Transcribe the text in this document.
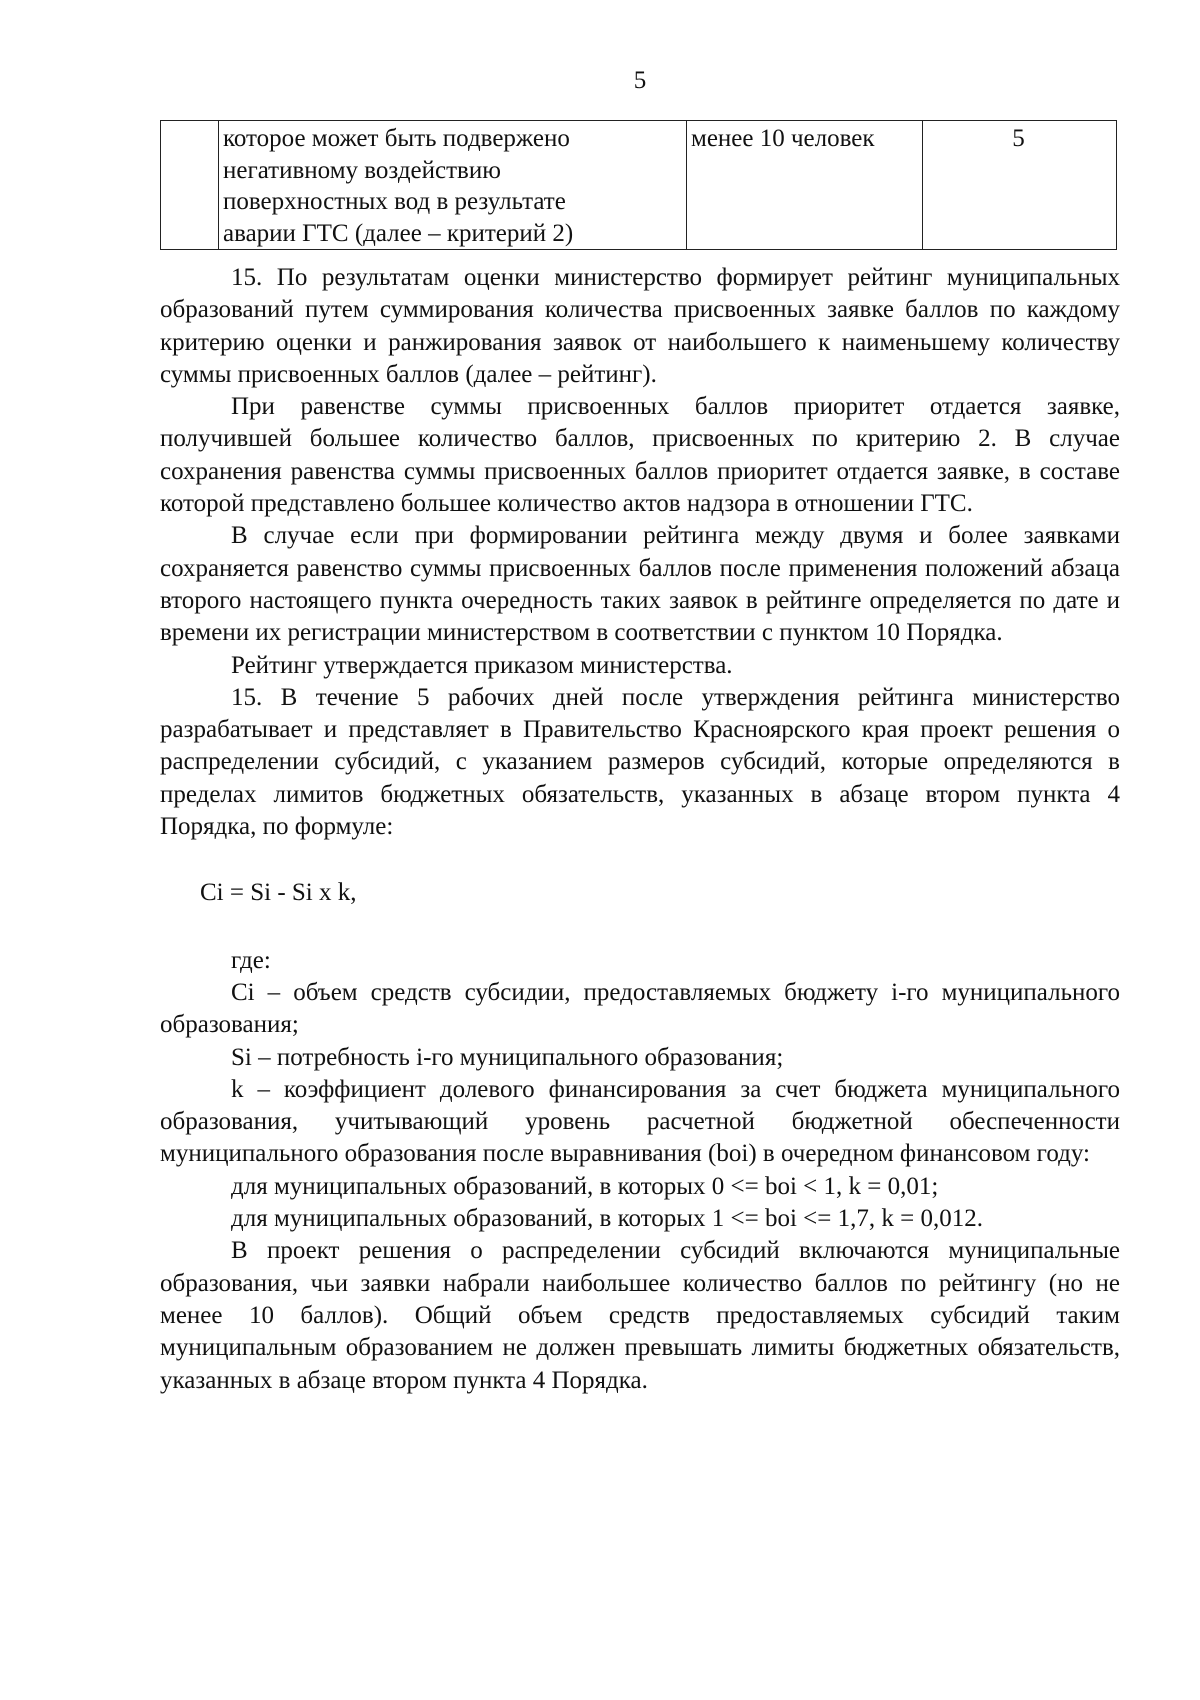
5

которое может быть подвержено
негативному воздействию
поверхностных вод в результате
аварии ГТС (далее – критерий 2)
	менее 10 человек	5

15. По результатам оценки министерство формирует рейтинг муниципальных образований путем суммирования количества присвоенных заявке баллов по каждому критерию оценки и ранжирования заявок от наибольшего к наименьшему количеству суммы присвоенных баллов (далее – рейтинг).

При равенстве суммы присвоенных баллов приоритет отдается заявке, получившей большее количество баллов, присвоенных по критерию 2. В случае сохранения равенства суммы присвоенных баллов приоритет отдается заявке, в составе которой представлено большее количество актов надзора в отношении ГТС.

В случае если при формировании рейтинга между двумя и более заявками сохраняется равенство суммы присвоенных баллов после применения положений абзаца второго настоящего пункта очередность таких заявок в рейтинге определяется по дате и времени их регистрации министерством в соответствии с пунктом 10 Порядка.

Рейтинг утверждается приказом министерства.

15. В течение 5 рабочих дней после утверждения рейтинга министерство разрабатывает и представляет в Правительство Красноярского края проект решения о распределении субсидий, с указанием размеров субсидий, которые определяются в пределах лимитов бюджетных обязательств, указанных в абзаце втором пункта 4 Порядка, по формуле:

Ci = Si - Si x k,

где:

Ci – объем средств субсидии, предоставляемых бюджету i-го муниципального образования;

Si – потребность i-го муниципального образования;

k – коэффициент долевого финансирования за счет бюджета муниципального образования, учитывающий уровень расчетной бюджетной обеспеченности муниципального образования после выравнивания (boi) в очередном финансовом году:

для муниципальных образований, в которых 0 <= boi < 1, k = 0,01;

для муниципальных образований, в которых 1 <= boi <= 1,7, k = 0,012.

В проект решения о распределении субсидий включаются муниципальные образования, чьи заявки набрали наибольшее количество баллов по рейтингу (но не менее 10 баллов). Общий объем средств предоставляемых субсидий таким муниципальным образованием не должен превышать лимиты бюджетных обязательств, указанных в абзаце втором пункта 4 Порядка.
